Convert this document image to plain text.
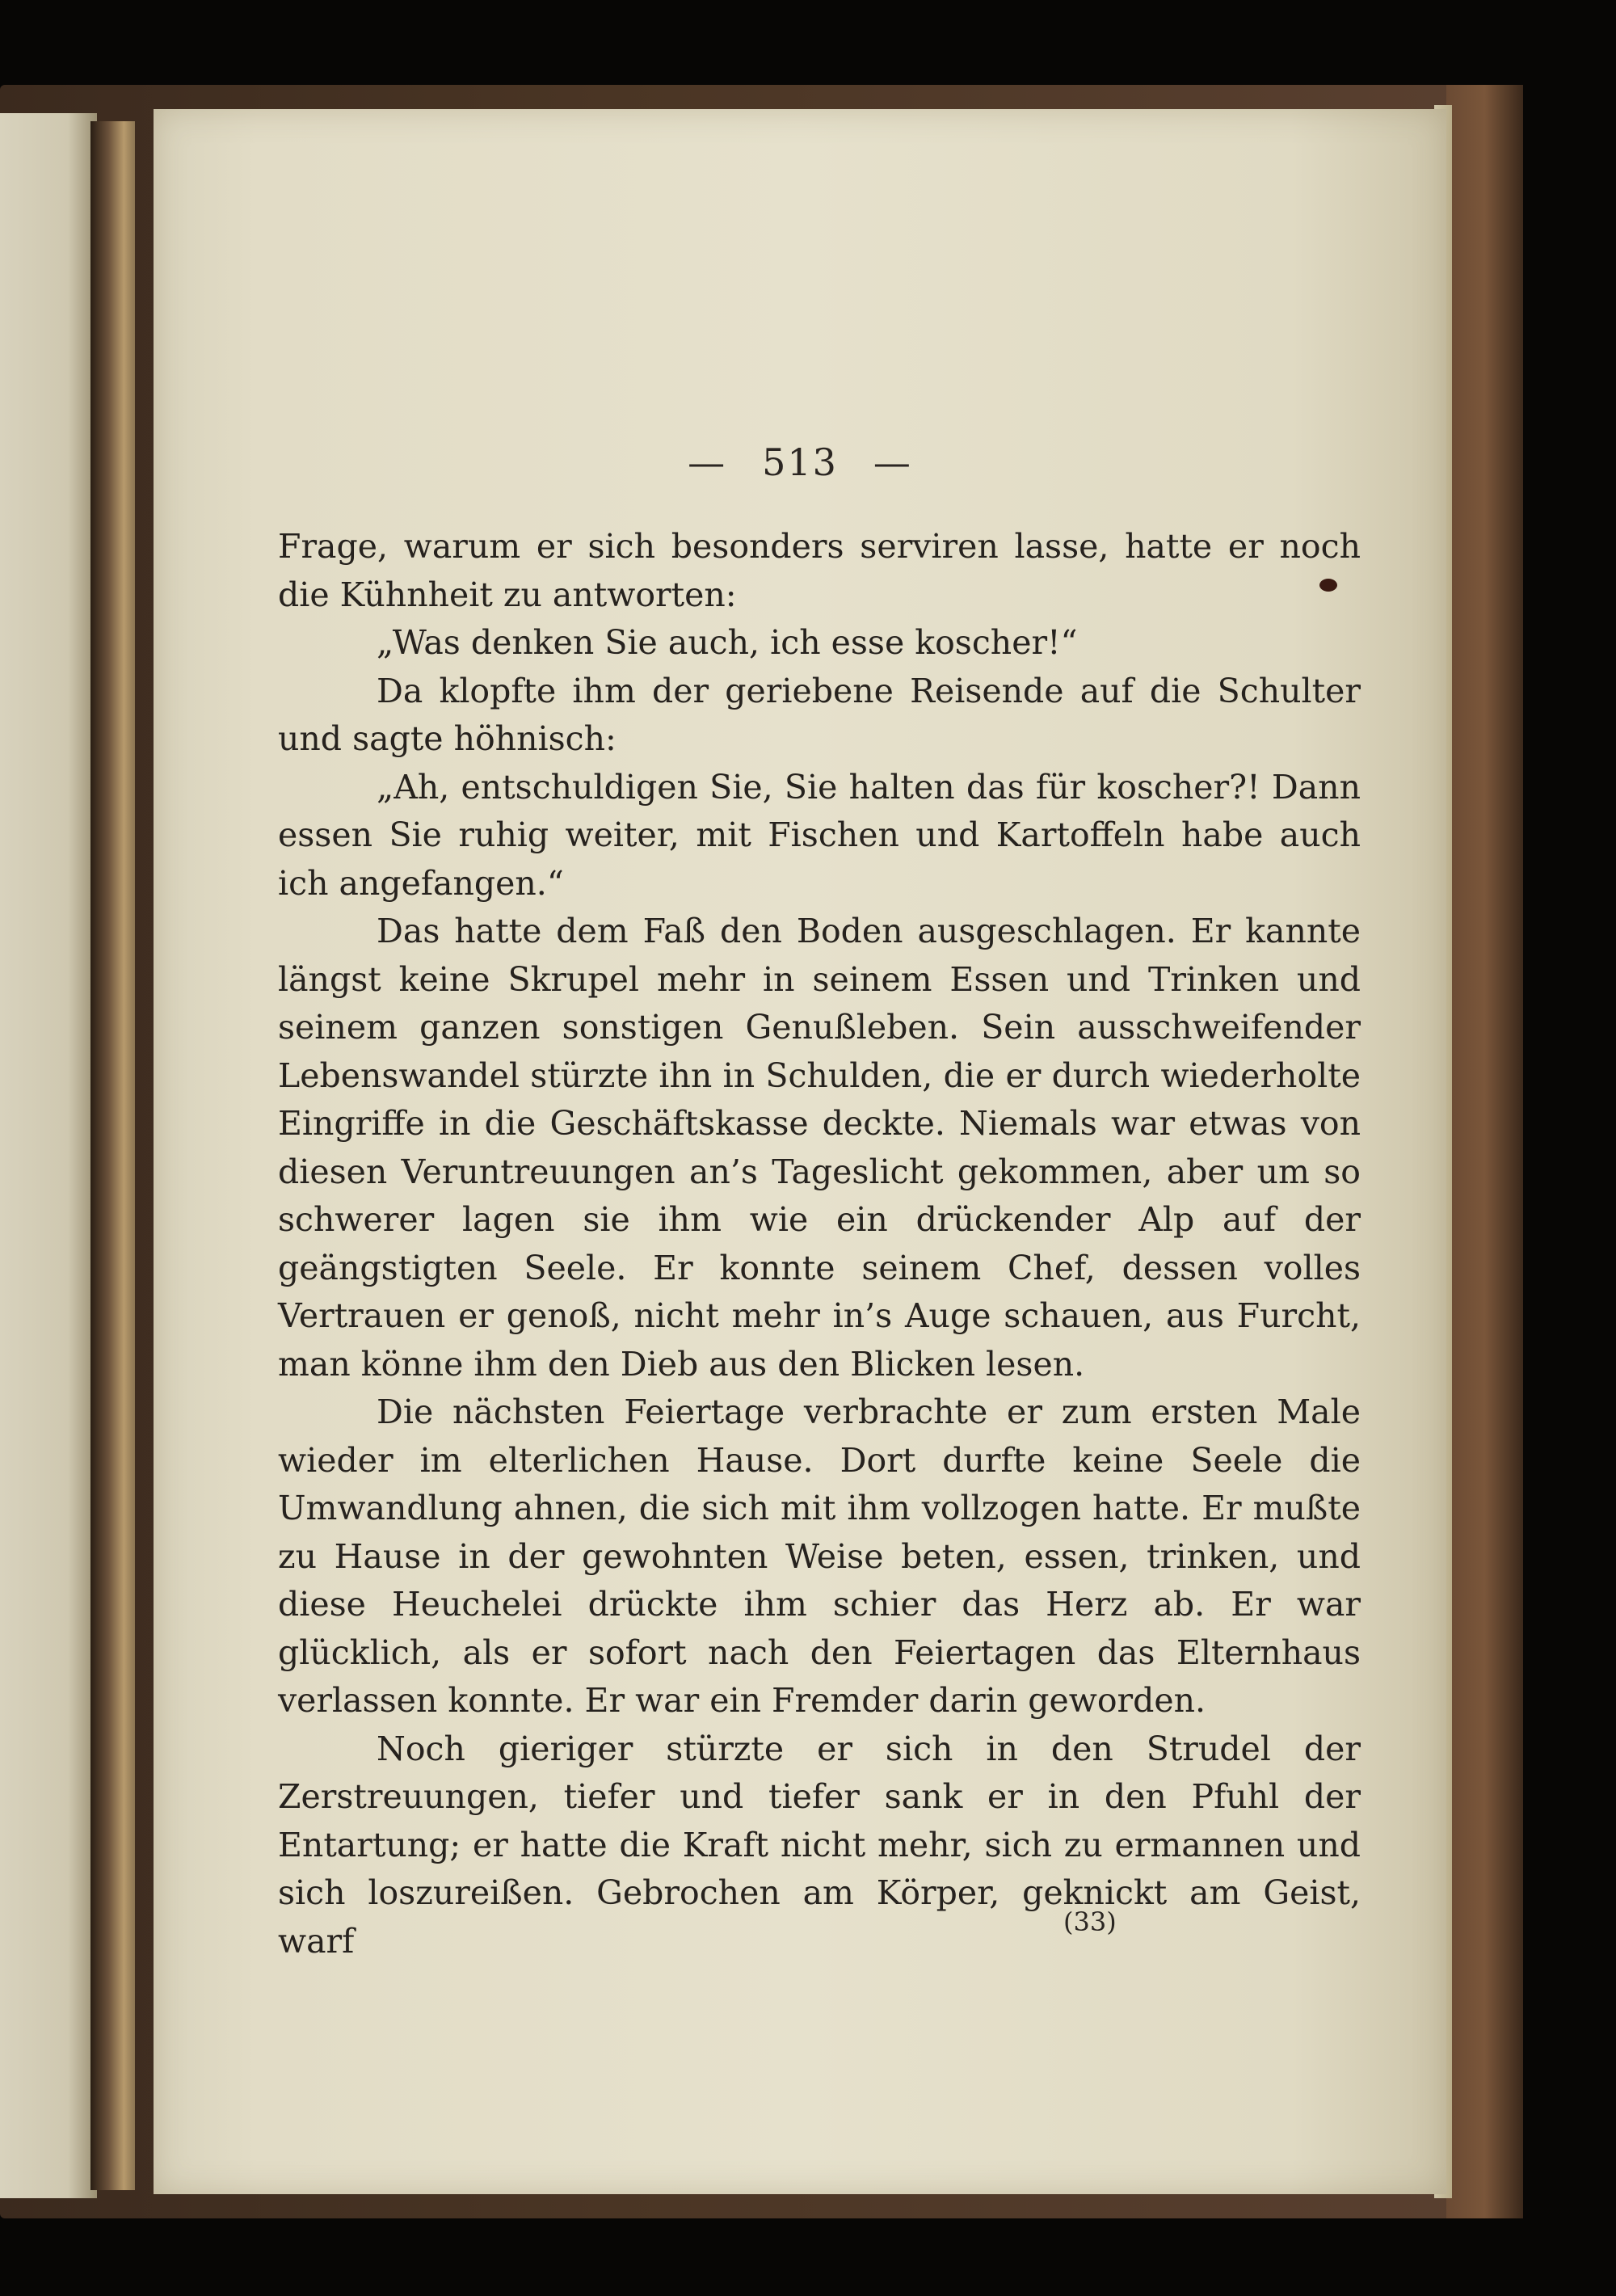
— 513 —

Frage, warum er sich besonders serviren lasse, hatte er noch die Kühnheit zu antworten:

„Was denken Sie auch, ich esse koscher!“

Da klopfte ihm der geriebene Reisende auf die Schulter und sagte höhnisch:

„Ah, entschuldigen Sie, Sie halten das für koscher?! Dann essen Sie ruhig weiter, mit Fischen und Kartoffeln habe auch ich angefangen.“

Das hatte dem Faß den Boden ausgeschlagen. Er kannte längst keine Skrupel mehr in seinem Essen und Trinken und seinem ganzen sonstigen Genußleben. Sein ausschweifender Lebenswandel stürzte ihn in Schulden, die er durch wiederholte Eingriffe in die Geschäftskasse deckte. Niemals war etwas von diesen Veruntreuungen an’s Tageslicht gekommen, aber um so schwerer lagen sie ihm wie ein drückender Alp auf der geängstigten Seele. Er konnte seinem Chef, dessen volles Vertrauen er genoß, nicht mehr in’s Auge schauen, aus Furcht, man könne ihm den Dieb aus den Blicken lesen.

Die nächsten Feiertage verbrachte er zum ersten Male wieder im elterlichen Hause. Dort durfte keine Seele die Umwandlung ahnen, die sich mit ihm vollzogen hatte. Er mußte zu Hause in der gewohnten Weise beten, essen, trinken, und diese Heuchelei drückte ihm schier das Herz ab. Er war glücklich, als er sofort nach den Feiertagen das Elternhaus verlassen konnte. Er war ein Fremder darin geworden.

Noch gieriger stürzte er sich in den Strudel der Zerstreuungen, tiefer und tiefer sank er in den Pfuhl der Entartung; er hatte die Kraft nicht mehr, sich zu ermannen und sich loszureißen. Gebrochen am Körper, geknickt am Geist, warf	(33)
